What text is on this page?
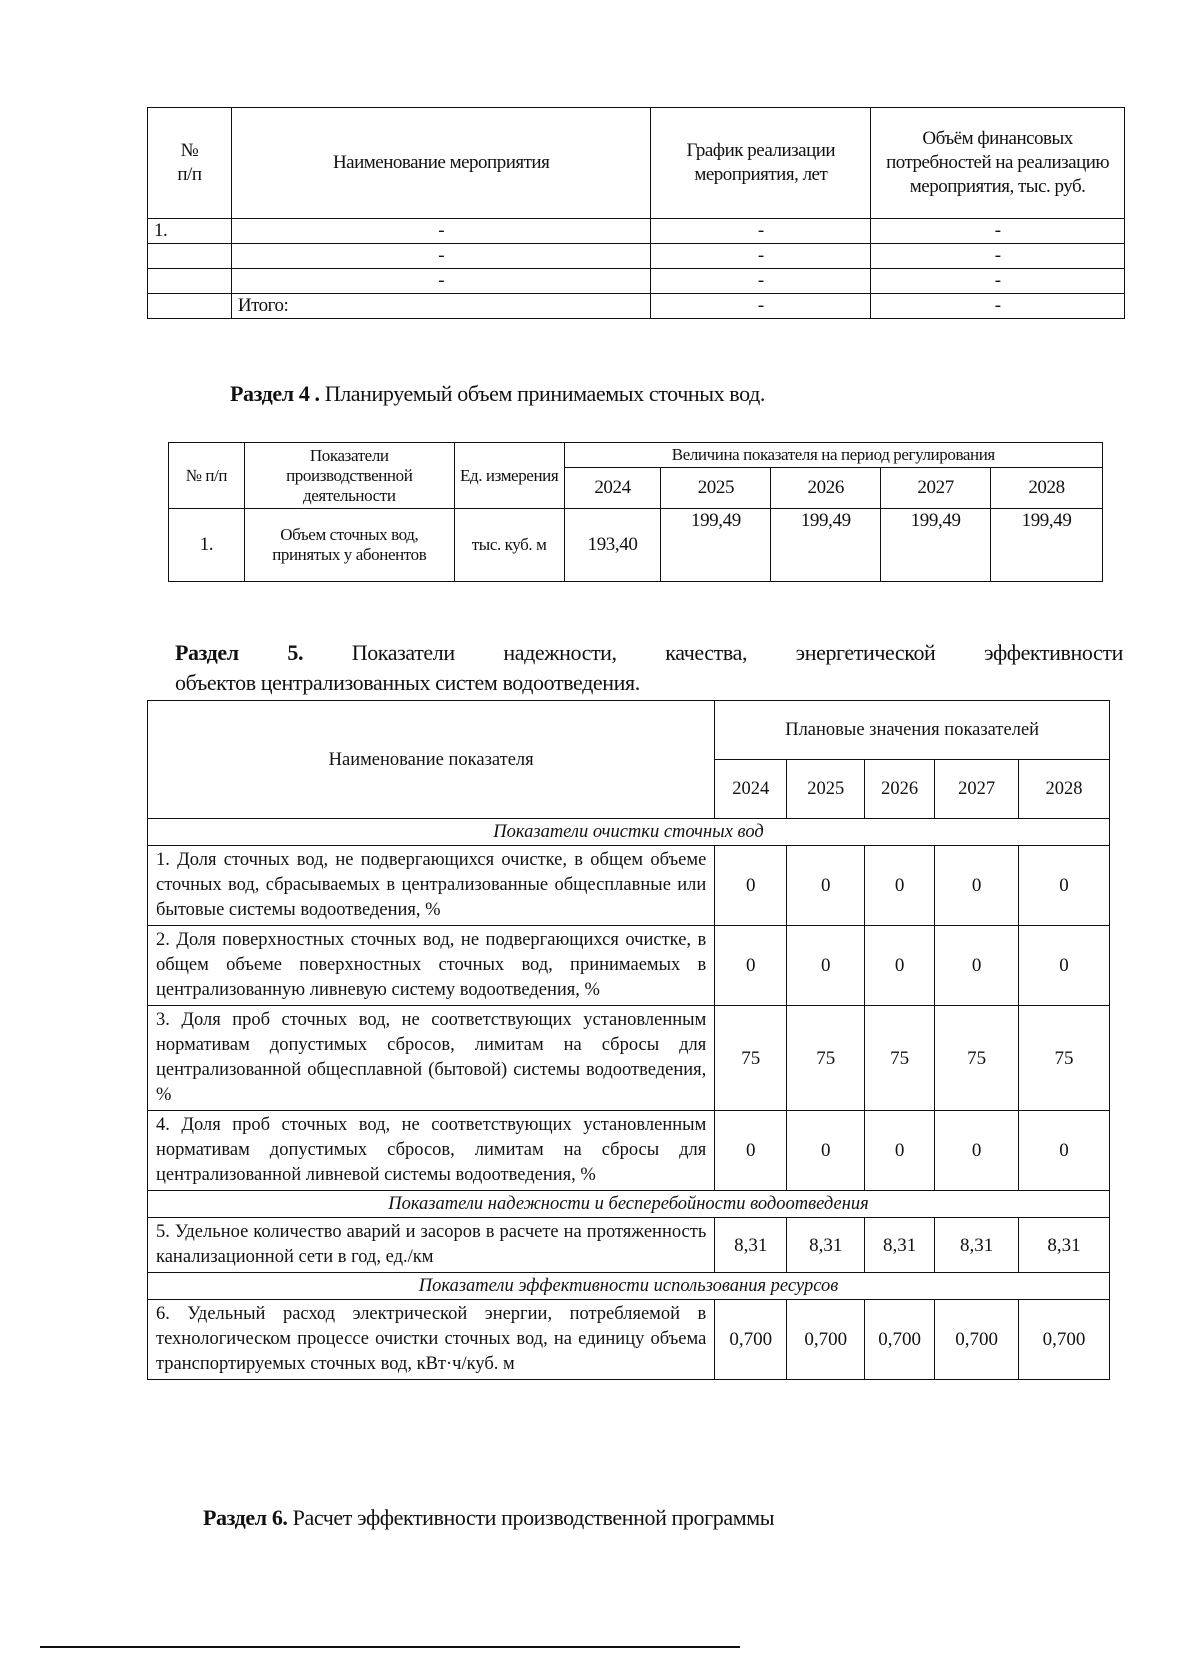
№
п/п	Наименование мероприятия	График реализации мероприятия, лет	Объём финансовых потребностей на реализацию мероприятия, тыс. руб.
1.	-	-	-
	-	-	-
	-	-	-
	Итого:	-	-
Раздел 4 . Планируемый объем принимаемых сточных вод.
№ п/п	Показатели производственной деятельности	Ед. измерения	Величина показателя на период регулирования				
			2024	2025	2026	2027	2028
1.	Объем сточных вод, принятых у абонентов	тыс. куб. м	193,40	199,49	199,49	199,49	199,49
Раздел 5. Показатели надежности, качества, энергетической эффективности
объектов централизованных систем водоотведения.
Наименование показателя	Плановые значения показателей				
	2024	2025	2026	2027	2028
Показатели очистки сточных вод					
1. Доля сточных вод, не подвергающихся очистке, в общем объеме сточных вод, сбрасываемых в централизованные общесплавные или бытовые системы водоотведения, %	0	0	0	0	0
2. Доля поверхностных сточных вод, не подвергающихся очистке, в общем объеме поверхностных сточных вод, принимаемых в централизованную ливневую систему водоотведения, %	0	0	0	0	0
3. Доля проб сточных вод, не соответствующих установленным нормативам допустимых сбросов, лимитам на сбросы для централизованной общесплавной (бытовой) системы водоотведения, %	75	75	75	75	75
4. Доля проб сточных вод, не соответствующих установленным нормативам допустимых сбросов, лимитам на сбросы для централизованной ливневой системы водоотведения, %	0	0	0	0	0
Показатели надежности и бесперебойности водоотведения					
5. Удельное количество аварий и засоров в расчете на протяженность канализационной сети в год, ед./км	8,31	8,31	8,31	8,31	8,31
Показатели эффективности использования ресурсов					
6. Удельный расход электрической энергии, потребляемой в технологическом процессе очистки сточных вод, на единицу объема транспортируемых сточных вод, кВт·ч/куб. м	0,700	0,700	0,700	0,700	0,700
Раздел 6. Расчет эффективности производственной программы
